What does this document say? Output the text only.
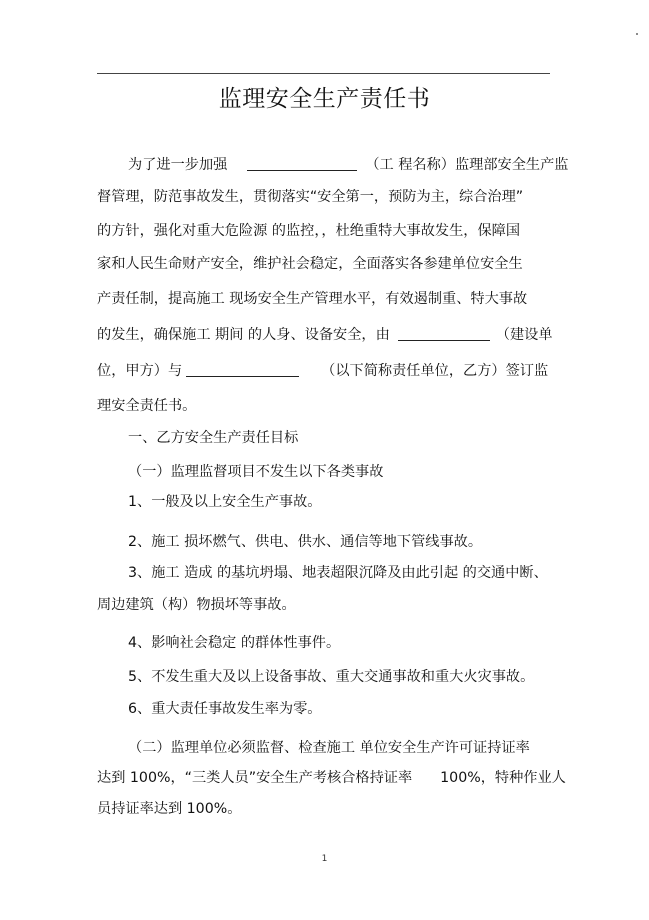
监理安全生产责任书
为了进一步加强	（工 程名称）监理部安全生产监
督管理，防范事故发生，贯彻落实“安全第一，预防为主，综合治理”
的方针，强化对重大危险源 的监控，，杜绝重特大事故发生，保障国
家和人民生命财产安全，维护社会稳定，全面落实各参建单位安全生
产责任制，提高施工 现场安全生产管理水平，有效遏制重、特大事故
的发生，确保施工 期间 的人身、设备安全，由	（建设单
位，甲方）与	（以下简称责任单位，乙方）签订监
理安全责任书。
一、乙方安全生产责任目标
（一）监理监督项目不发生以下各类事故
1、一般及以上安全生产事故。
2、施工 损坏燃气、供电、供水、通信等地下管线事故。
3、施工 造成 的基坑坍塌、地表超限沉降及由此引起 的交通中断、
周边建筑（构）物损坏等事故。
4、影响社会稳定 的群体性事件。
5、不发生重大及以上设备事故、重大交通事故和重大火灾事故。
6、重大责任事故发生率为零。
（二）监理单位必须监督、检查施工 单位安全生产许可证持证率
达到 100%，“三类人员”安全生产考核合格持证率 100%，特种作业人
员持证率达到 100%。
1
